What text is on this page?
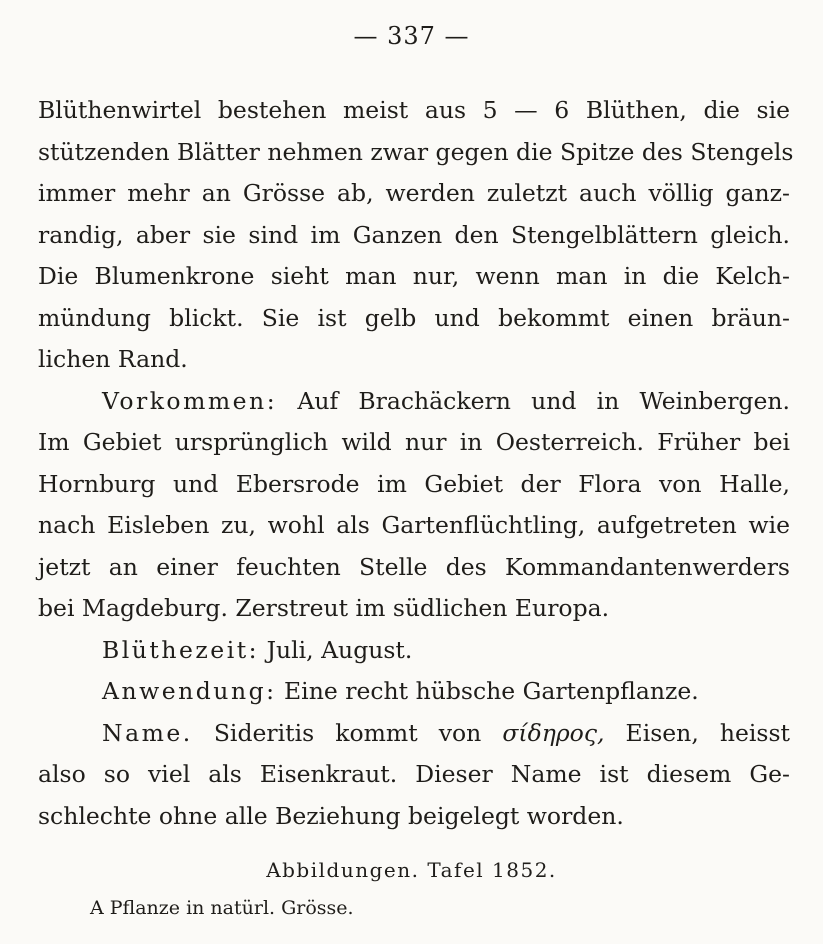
— 337 —
Blüthenwirtel bestehen meist aus 5 — 6 Blüthen, die sie
stützenden Blätter nehmen zwar gegen die Spitze des Stengels
immer mehr an Grösse ab, werden zuletzt auch völlig ganz-
randig, aber sie sind im Ganzen den Stengelblättern gleich.
Die Blumenkrone sieht man nur, wenn man in die Kelch-
mündung blickt. Sie ist gelb und bekommt einen bräun-
lichen Rand.
Vorkommen: Auf Brachäckern und in Weinbergen.
Im Gebiet ursprünglich wild nur in Oesterreich. Früher bei
Hornburg und Ebersrode im Gebiet der Flora von Halle,
nach Eisleben zu, wohl als Gartenflüchtling, aufgetreten wie
jetzt an einer feuchten Stelle des Kommandantenwerders
bei Magdeburg. Zerstreut im südlichen Europa.
Blüthezeit: Juli, August.
Anwendung: Eine recht hübsche Gartenpflanze.
Name. Sideritis kommt von σίδηρος, Eisen, heisst
also so viel als Eisenkraut. Dieser Name ist diesem Ge-
schlechte ohne alle Beziehung beigelegt worden.
Abbildungen. Tafel 1852.
A Pflanze in natürl. Grösse.
